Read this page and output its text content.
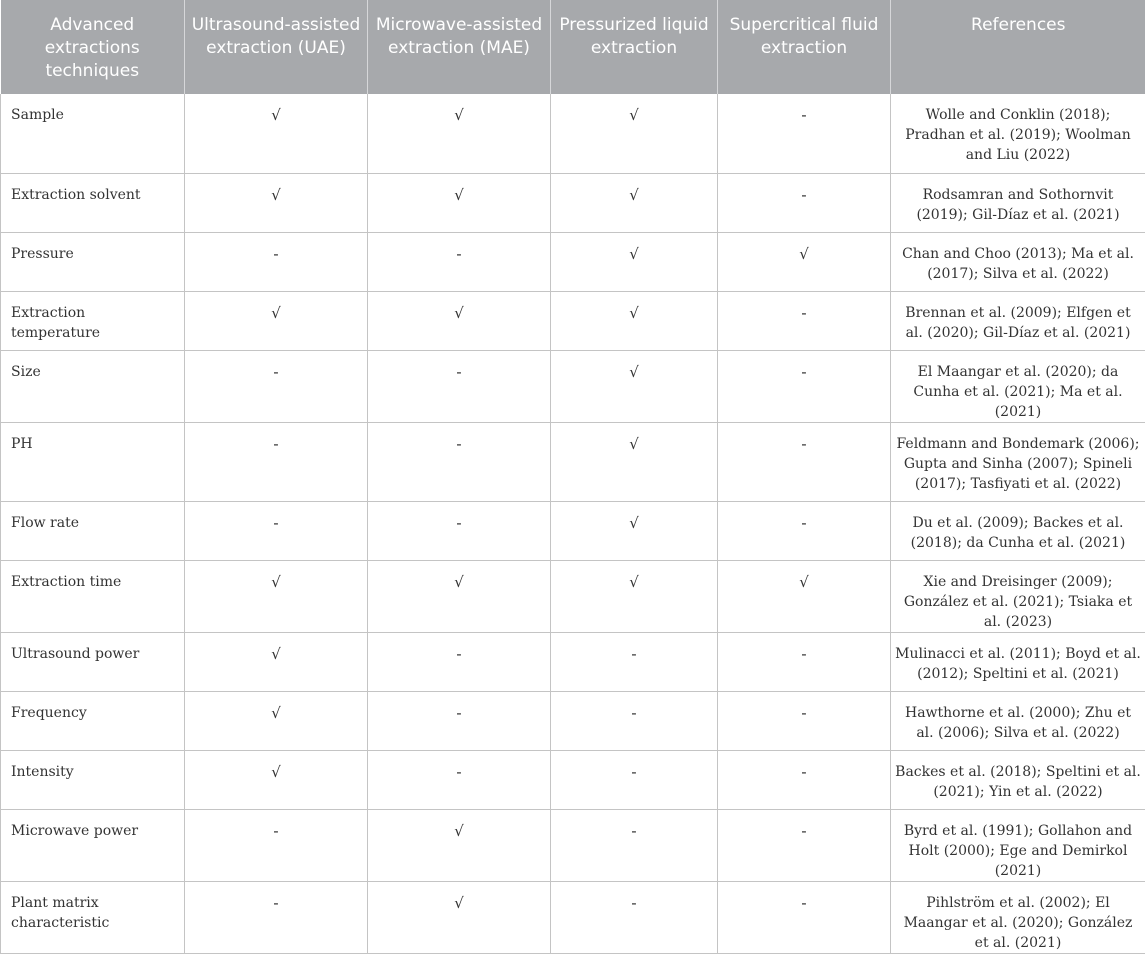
Advanced extractions techniques	Ultrasound-assisted extraction (UAE)	Microwave-assisted extraction (MAE)	Pressurized liquid extraction	Supercritical fluid extraction	References
Sample	√	√	√	-	Wolle and Conklin (2018); Pradhan et al. (2019); Woolman and Liu (2022)
Extraction solvent	√	√	√	-	Rodsamran and Sothornvit (2019); Gil-Díaz et al. (2021)
Pressure	-	-	√	√	Chan and Choo (2013); Ma et al. (2017); Silva et al. (2022)
Extraction temperature	√	√	√	-	Brennan et al. (2009); Elfgen et al. (2020); Gil-Díaz et al. (2021)
Size	-	-	√	-	El Maangar et al. (2020); da Cunha et al. (2021); Ma et al. (2021)
PH	-	-	√	-	Feldmann and Bondemark (2006); Gupta and Sinha (2007); Spineli (2017); Tasfiyati et al. (2022)
Flow rate	-	-	√	-	Du et al. (2009); Backes et al. (2018); da Cunha et al. (2021)
Extraction time	√	√	√	√	Xie and Dreisinger (2009); González et al. (2021); Tsiaka et al. (2023)
Ultrasound power	√	-	-	-	Mulinacci et al. (2011); Boyd et al. (2012); Speltini et al. (2021)
Frequency	√	-	-	-	Hawthorne et al. (2000); Zhu et al. (2006); Silva et al. (2022)
Intensity	√	-	-	-	Backes et al. (2018); Speltini et al. (2021); Yin et al. (2022)
Microwave power	-	√	-	-	Byrd et al. (1991); Gollahon and Holt (2000); Ege and Demirkol (2021)
Plant matrix characteristic	-	√	-	-	Pihlström et al. (2002); El Maangar et al. (2020); González et al. (2021)
